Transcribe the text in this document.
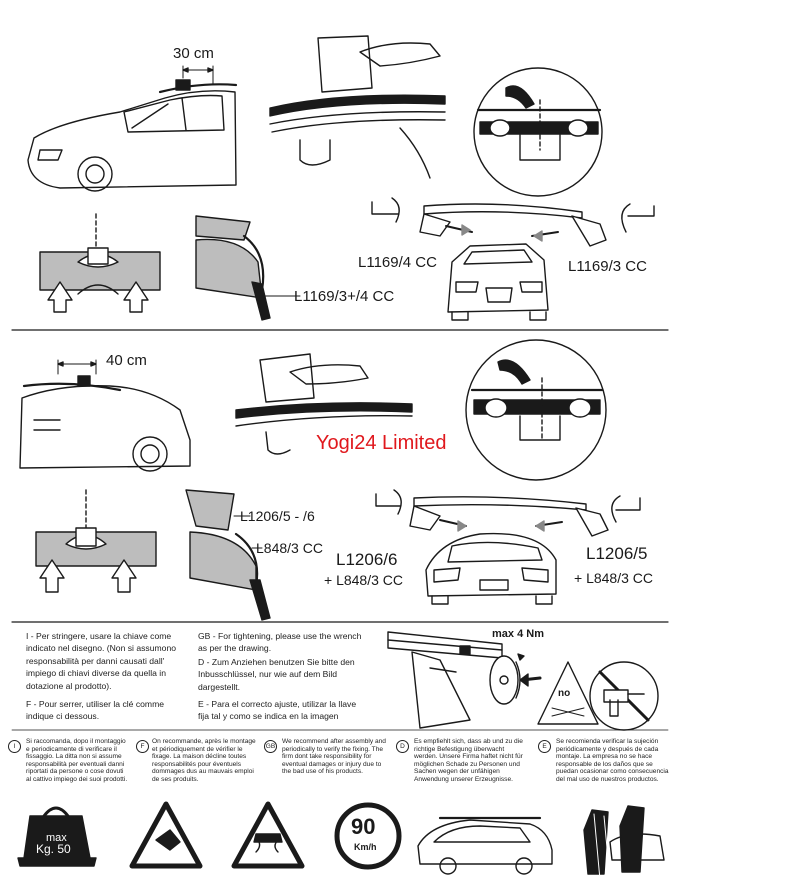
30 cm
L1169/4 CC	L1169/3 CC
L1169/3+/4 CC
40 cm
Yogi24 Limited
L1206/5 - /6
L848/3 CC
L1206/6
+ L848/3 CC
L1206/5
+ L848/3 CC
max 4 Nm
no
I - Per stringere, usare la chiave come indicato nel disegno. (Non si assumono responsabilità per danni causati dall' impiego di chiavi diverse da quella in dotazione al prodotto).
F - Pour serrer, utiliser la clé comme indique ci dessous.
GB - For tightening, please use the wrench as per the drawing.
D - Zum Anziehen benutzen Sie bitte den Inbusschlüssel, nur wie auf dem Bild dargestellt.
E - Para el correcto ajuste, utilizar la llave fija tal y como se indica en la imagen
I
Si raccomanda, dopo il montaggio e periodicamente di verificare il fissaggio. La ditta non si assume responsabilità per eventuali danni riportati da persone o cose dovuti al cattivo impiego dei suoi prodotti.
F
On recommande, après le montage et périodiquement de vérifier le fixage. La maison décline toutes responsabilités pour éventuels dommages dus au mauvais emploi de ses produits.
GB
We recommend after assembly and periodically to verify the fixing. The firm dont take responsibility for eventual damages or injury due to the bad use of his products.
D
Es empfiehlt sich, dass ab und zu die richtige Befestigung überwacht werden. Unsere Firma haftet nicht für möglichen Schade zu Personen und Sachen wegen der unfähigen Anwendung unserer Erzeugnisse.
E
Se recomienda verificar la sujeción periódicamente y después de cada montaje. La empresa no se hace responsable de los daños que se puedan ocasionar como consecuencia del mal uso de nuestros productos.
max
Kg. 50
90
Km/h
